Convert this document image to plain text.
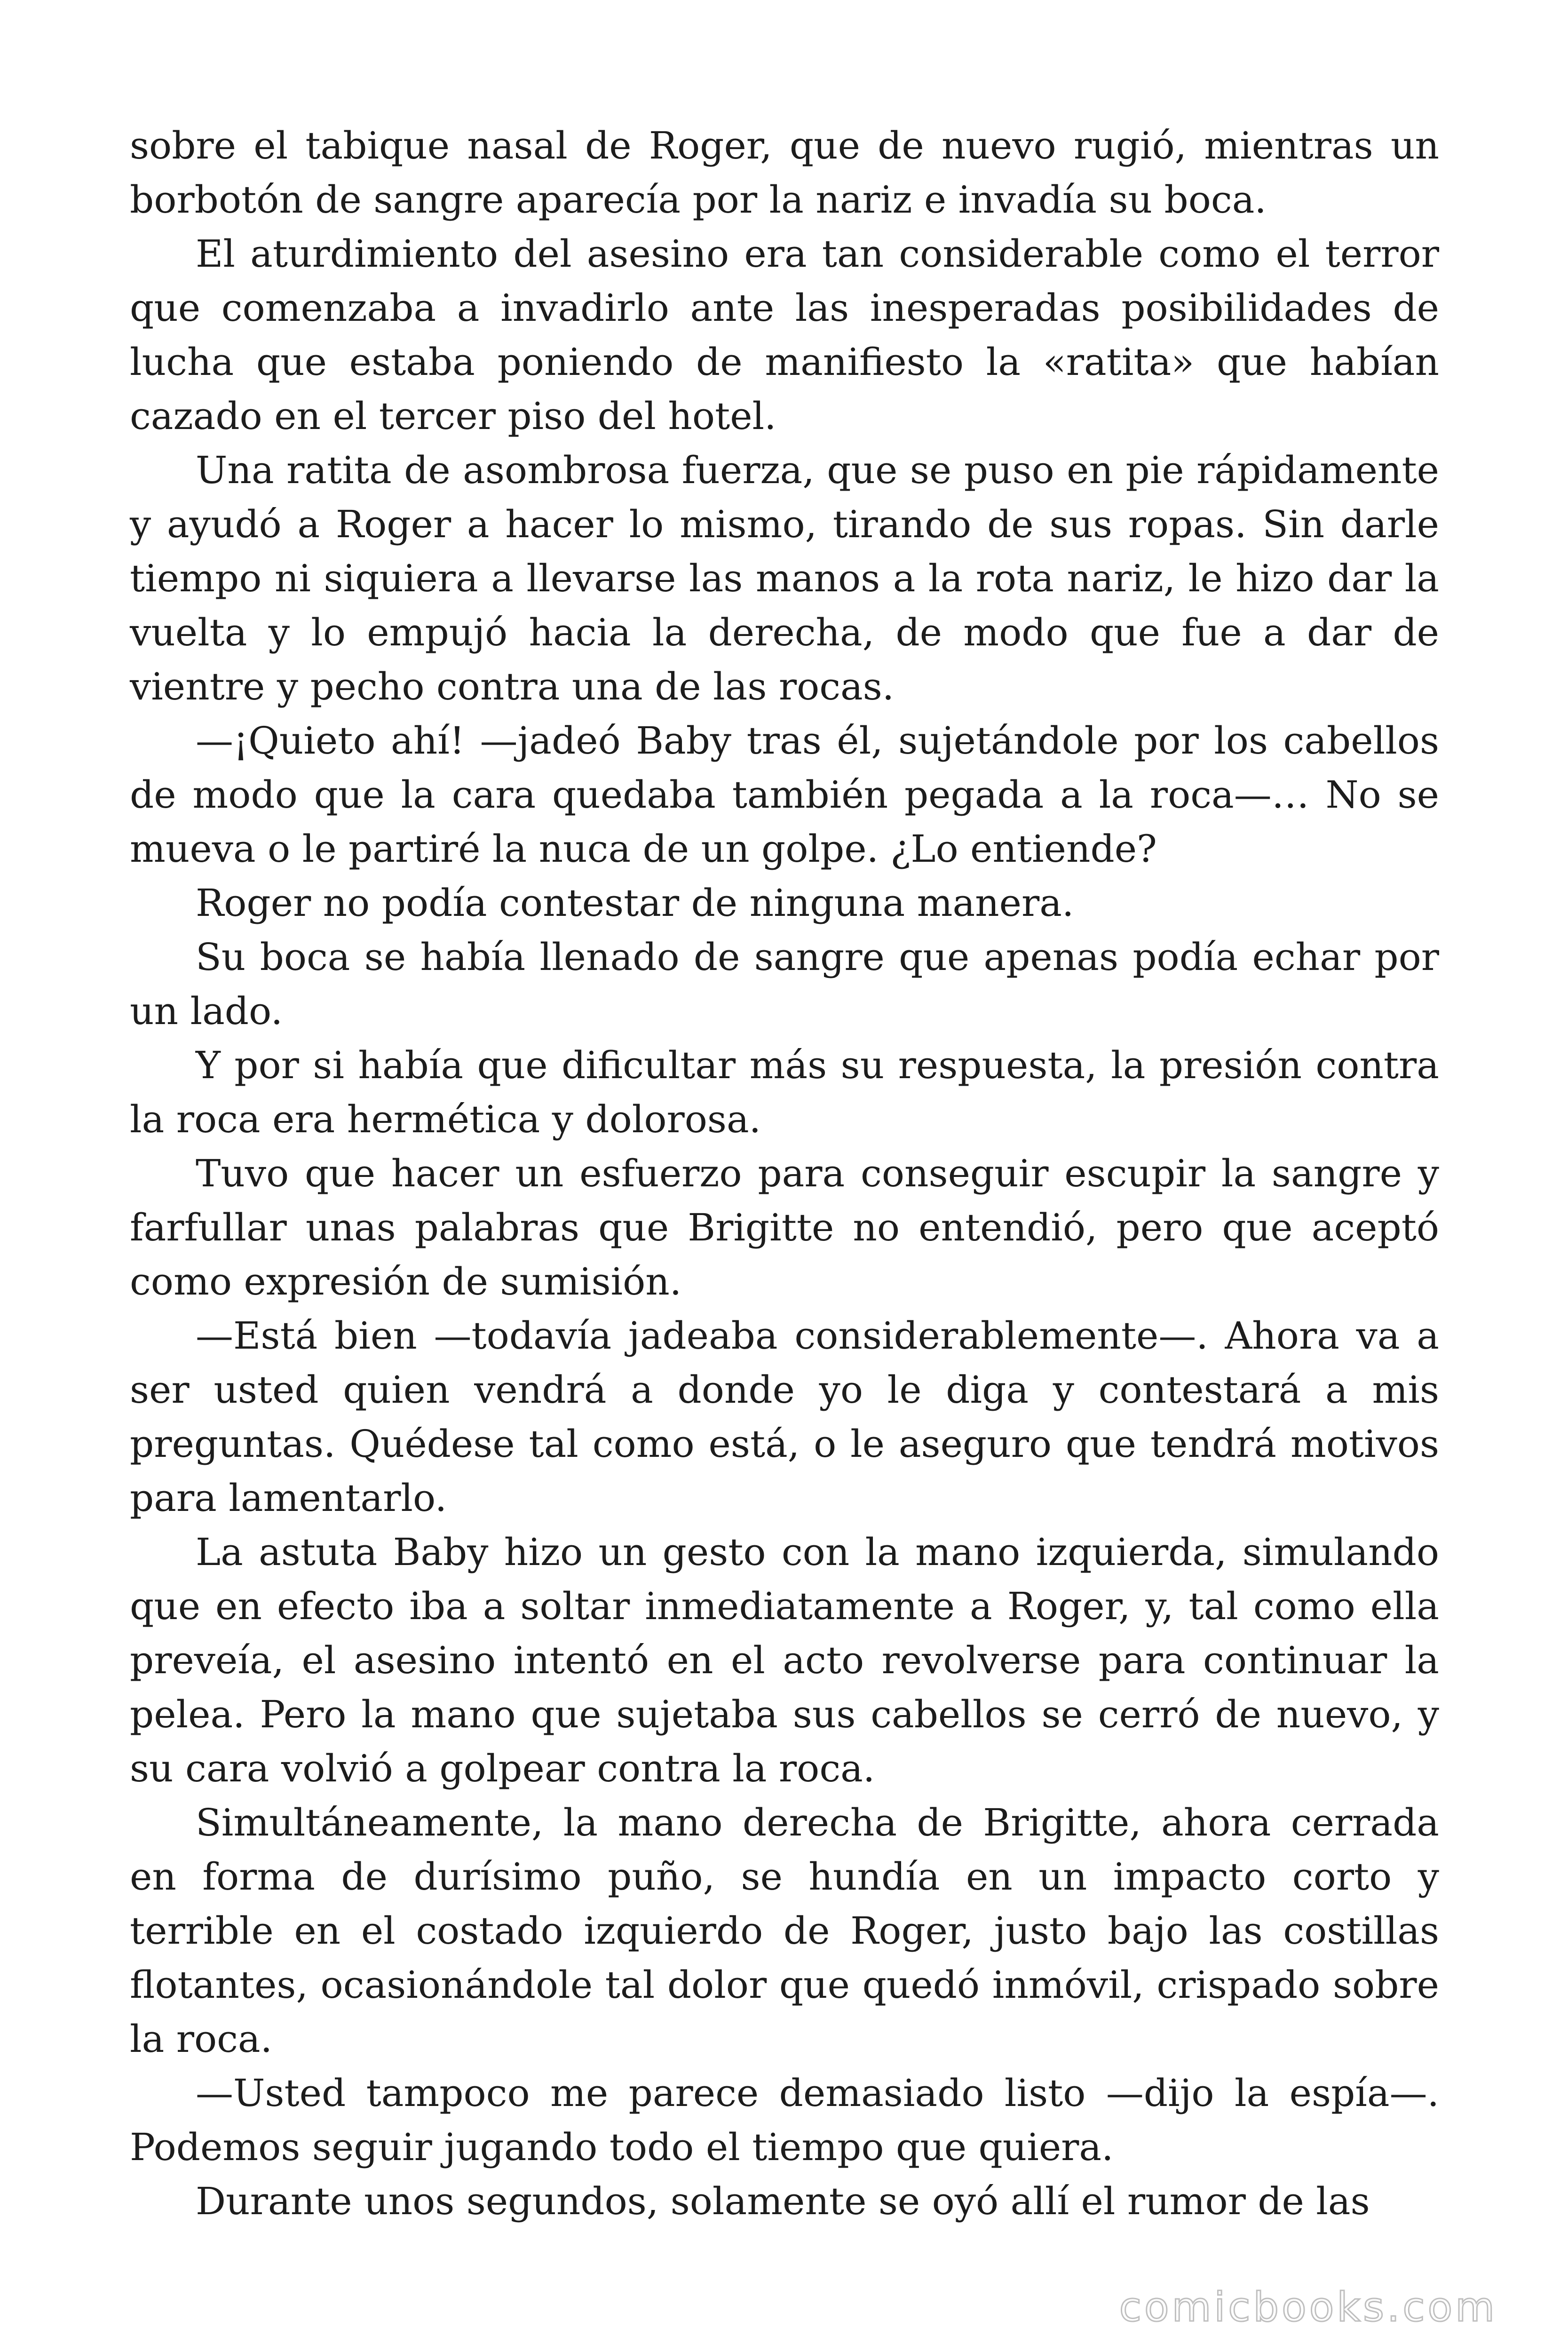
sobre el tabique nasal de Roger, que de nuevo rugió, mientras un borbotón de sangre aparecía por la nariz e invadía su boca.

El aturdimiento del asesino era tan considerable como el terror que comenzaba a invadirlo ante las inesperadas posibilidades de lucha que estaba poniendo de manifiesto la «ratita» que habían cazado en el tercer piso del hotel.

Una ratita de asombrosa fuerza, que se puso en pie rápidamente y ayudó a Roger a hacer lo mismo, tirando de sus ropas. Sin darle tiempo ni siquiera a llevarse las manos a la rota nariz, le hizo dar la vuelta y lo empujó hacia la derecha, de modo que fue a dar de vientre y pecho contra una de las rocas.

—¡Quieto ahí! —jadeó Baby tras él, sujetándole por los cabellos de modo que la cara quedaba también pegada a la roca—… No se mueva o le partiré la nuca de un golpe. ¿Lo entiende?

Roger no podía contestar de ninguna manera.

Su boca se había llenado de sangre que apenas podía echar por un lado.

Y por si había que dificultar más su respuesta, la presión contra la roca era hermética y dolorosa.

Tuvo que hacer un esfuerzo para conseguir escupir la sangre y farfullar unas palabras que Brigitte no entendió, pero que aceptó como expresión de sumisión.

—Está bien —todavía jadeaba considerablemente—. Ahora va a ser usted quien vendrá a donde yo le diga y contestará a mis preguntas. Quédese tal como está, o le aseguro que tendrá motivos para lamentarlo.

La astuta Baby hizo un gesto con la mano izquierda, simulando que en efecto iba a soltar inmediatamente a Roger, y, tal como ella preveía, el asesino intentó en el acto revolverse para continuar la pelea. Pero la mano que sujetaba sus cabellos se cerró de nuevo, y su cara volvió a golpear contra la roca.

Simultáneamente, la mano derecha de Brigitte, ahora cerrada en forma de durísimo puño, se hundía en un impacto corto y terrible en el costado izquierdo de Roger, justo bajo las costillas flotantes, ocasionándole tal dolor que quedó inmóvil, crispado sobre la roca.

—Usted tampoco me parece demasiado listo —dijo la espía—. Podemos seguir jugando todo el tiempo que quiera.

Durante unos segundos, solamente se oyó allí el rumor de las

comicbooks.com
